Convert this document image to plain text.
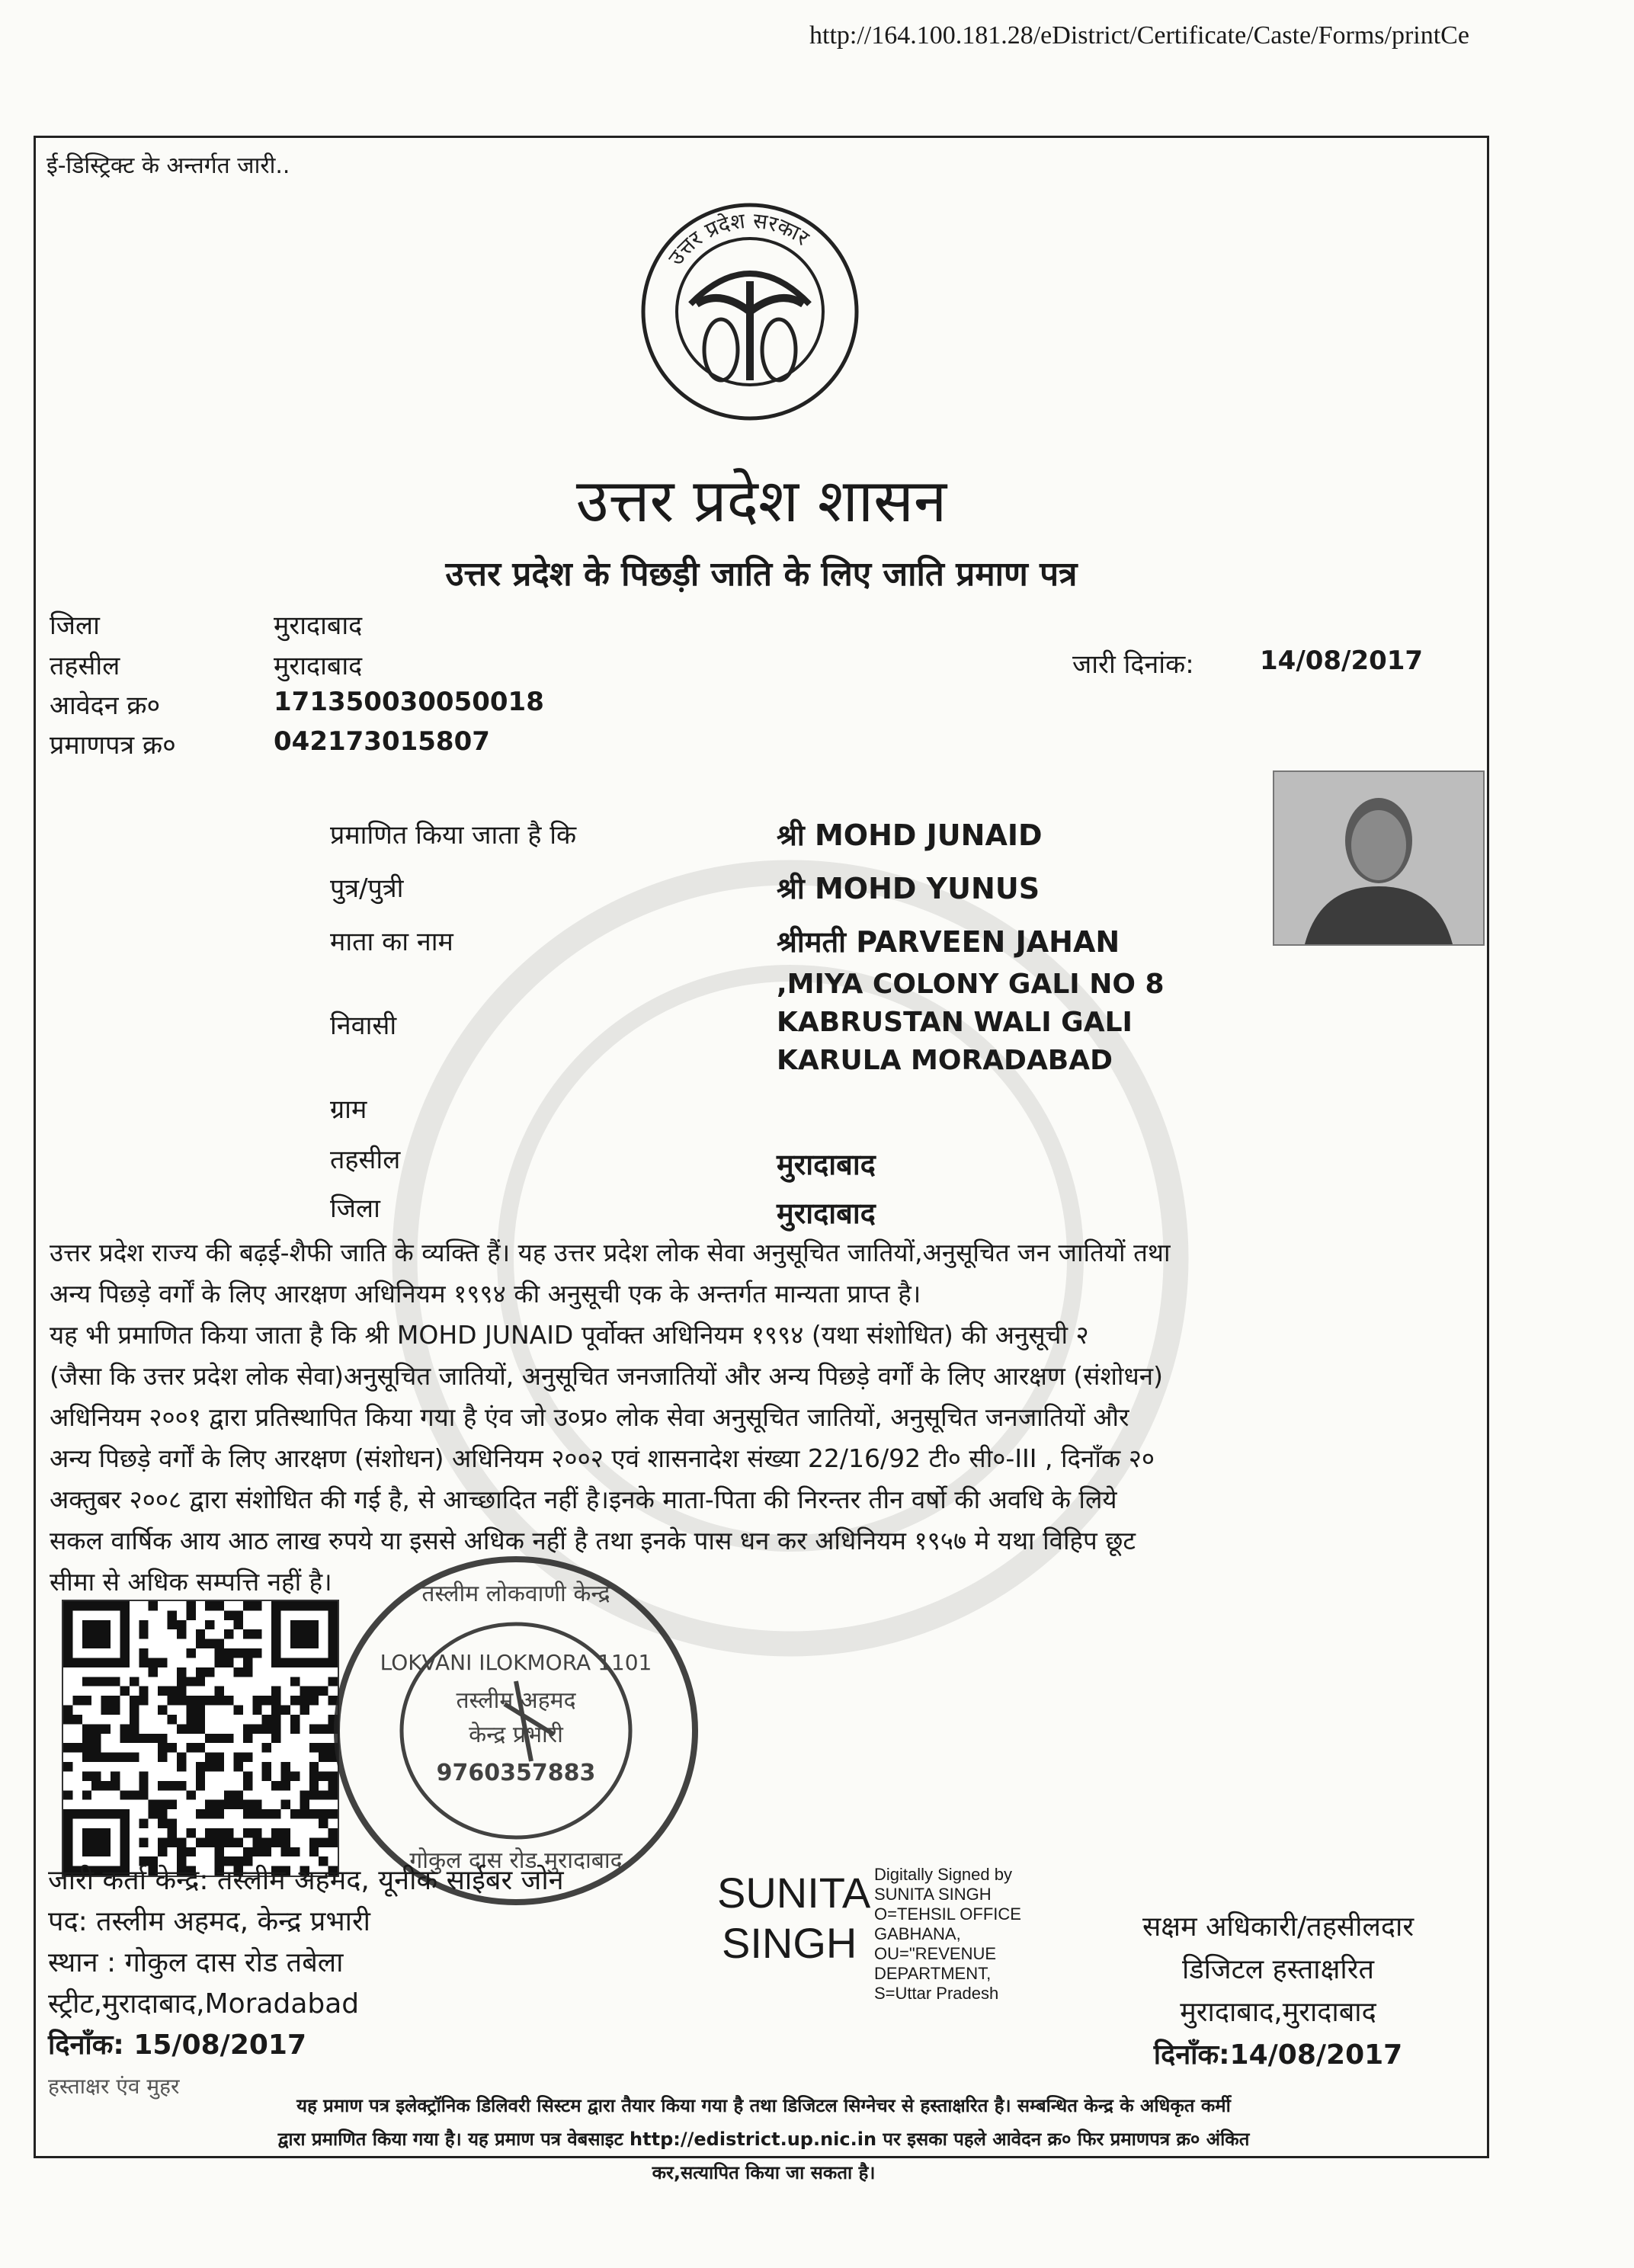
http://164.100.181.28/eDistrict/Certificate/Caste/Forms/printCe
ई-डिस्ट्रिक्ट के अन्तर्गत जारी..
उत्तर प्रदेश सरकार
उत्तर प्रदेश शासन
उत्तर प्रदेश के पिछड़ी जाति के लिए जाति प्रमाण पत्र
जिला	मुरादाबाद
तहसील	मुरादाबाद
आवेदन क्र०	171350030050018
प्रमाणपत्र क्र०	042173015807
जारी दिनांक:	14/08/2017
प्रमाणित किया जाता है कि	श्री MOHD JUNAID
पुत्र/पुत्री	श्री MOHD YUNUS
माता का नाम	श्रीमती PARVEEN JAHAN
,MIYA COLONY GALI NO 8
निवासी	KABRUSTAN WALI GALI
KARULA MORADABAD
ग्राम
तहसील	मुरादाबाद
जिला	मुरादाबाद
उत्तर प्रदेश राज्य की बढ़ई-शैफी जाति के व्यक्ति हैं। यह उत्तर प्रदेश लोक सेवा अनुसूचित जातियों,अनुसूचित जन जातियों तथा
अन्य पिछड़े वर्गों के लिए आरक्षण अधिनियम १९९४ की अनुसूची एक के अन्तर्गत मान्यता प्राप्त है।
यह भी प्रमाणित किया जाता है कि श्री MOHD JUNAID पूर्वोक्त अधिनियम १९९४ (यथा संशोधित) की अनुसूची २
(जैसा कि उत्तर प्रदेश लोक सेवा)अनुसूचित जातियों, अनुसूचित जनजातियों और अन्य पिछड़े वर्गों के लिए आरक्षण (संशोधन)
अधिनियम २००१ द्वारा प्रतिस्थापित किया गया है एंव जो उ०प्र० लोक सेवा अनुसूचित जातियों, अनुसूचित जनजातियों और
अन्य पिछड़े वर्गों के लिए आरक्षण (संशोधन) अधिनियम २००२ एवं शासनादेश संख्या 22/16/92 टी० सी०-III , दिनाँक २०
अक्तुबर २००८ द्वारा संशोधित की गई है, से आच्छादित नहीं है।इनके माता-पिता की निरन्तर तीन वर्षो की अवधि के लिये
सकल वार्षिक आय आठ लाख रुपये या इससे अधिक नहीं है तथा इनके पास धन कर अधिनियम १९५७ मे यथा विहिप छूट
सीमा से अधिक सम्पत्ति नहीं है।	तस्लीम लोकवाणी केन्द्र
LOKVANI ILOKMORA 1101
तस्लीम अहमद
केन्द्र प्रभारी
9760357883
गोकुल दास रोड मुरादाबाद
जारी कर्ता केन्द्र: तस्लीम अहमद, यूनीक साईबर जोन
पद: तस्लीम अहमद, केन्द्र प्रभारी
स्थान : गोकुल दास रोड तबेला
स्ट्रीट,मुरादाबाद,Moradabad
दिनाँक: 15/08/2017
हस्ताक्षर एंव मुहर
SUNITA
SINGH
Digitally Signed by
SUNITA SINGH
O=TEHSIL OFFICE
GABHANA,
OU="REVENUE
DEPARTMENT,
S=Uttar Pradesh
सक्षम अधिकारी/तहसीलदार
डिजिटल हस्ताक्षरित
मुरादाबाद,मुरादाबाद
दिनाँक:14/08/2017
यह प्रमाण पत्र इलेक्ट्रॉनिक डिलिवरी सिस्टम द्वारा तैयार किया गया है तथा डिजिटल सिग्नेचर से हस्ताक्षरित है। सम्बन्धित केन्द्र के अधिकृत कर्मी
द्वारा प्रमाणित किया गया है। यह प्रमाण पत्र वेबसाइट http://edistrict.up.nic.in पर इसका पहले आवेदन क्र० फिर प्रमाणपत्र क्र० अंकित
कर,सत्यापित किया जा सकता है।
